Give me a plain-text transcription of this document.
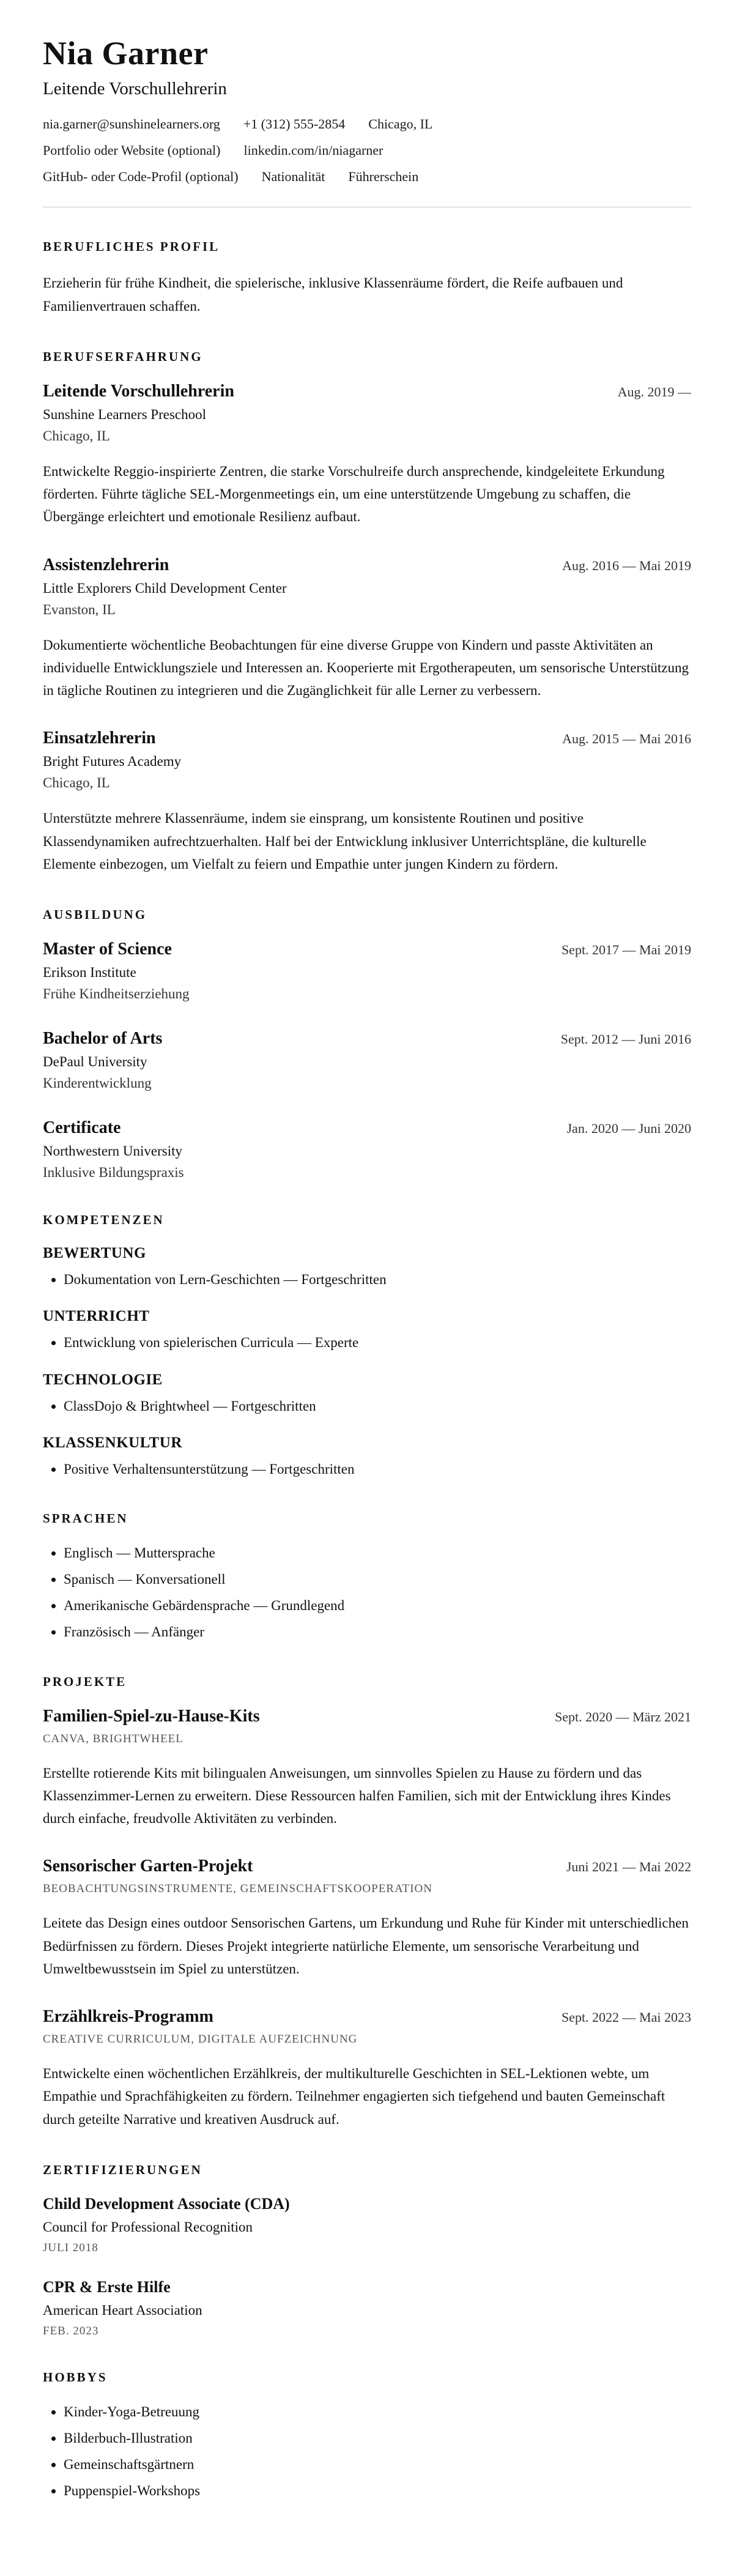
Nia Garner
Leitende Vorschullehrerin
nia.garner@sunshinelearners.org +1 (312) 555-2854 Chicago, IL
Portfolio oder Website (optional) linkedin.com/in/niagarner
GitHub- oder Code-Profil (optional) Nationalität Führerschein
BERUFLICHES PROFIL

Erzieherin für frühe Kindheit, die spielerische, inklusive Klassenräume fördert, die Reife aufbauen und Familienvertrauen schaffen.

BERUFSERFAHRUNG
Leitende Vorschullehrerin	Aug. 2019 —
Sunshine Learners Preschool
Chicago, IL

Entwickelte Reggio-inspirierte Zentren, die starke Vorschulreife durch ansprechende, kindgeleitete Erkundung förderten. Führte tägliche SEL-Morgenmeetings ein, um eine unterstützende Umgebung zu schaffen, die Übergänge erleichtert und emotionale Resilienz aufbaut.

Assistenzlehrerin	Aug. 2016 — Mai 2019
Little Explorers Child Development Center
Evanston, IL

Dokumentierte wöchentliche Beobachtungen für eine diverse Gruppe von Kindern und passte Aktivitäten an individuelle Entwicklungsziele und Interessen an. Kooperierte mit Ergotherapeuten, um sensorische Unterstützung in tägliche Routinen zu integrieren und die Zugänglichkeit für alle Lerner zu verbessern.

Einsatzlehrerin	Aug. 2015 — Mai 2016
Bright Futures Academy
Chicago, IL

Unterstützte mehrere Klassenräume, indem sie einsprang, um konsistente Routinen und positive Klassendynamiken aufrechtzuerhalten. Half bei der Entwicklung inklusiver Unterrichtspläne, die kulturelle Elemente einbezogen, um Vielfalt zu feiern und Empathie unter jungen Kindern zu fördern.

AUSBILDUNG
Master of Science	Sept. 2017 — Mai 2019
Erikson Institute
Frühe Kindheitserziehung
Bachelor of Arts	Sept. 2012 — Juni 2016
DePaul University
Kinderentwicklung
Certificate	Jan. 2020 — Juni 2020
Northwestern University
Inklusive Bildungspraxis
KOMPETENZEN
BEWERTUNG
• Dokumentation von Lern-Geschichten — Fortgeschritten
UNTERRICHT
• Entwicklung von spielerischen Curricula — Experte
TECHNOLOGIE
• ClassDojo & Brightwheel — Fortgeschritten
KLASSENKULTUR
• Positive Verhaltensunterstützung — Fortgeschritten
SPRACHEN
• Englisch — Muttersprache
• Spanisch — Konversationell
• Amerikanische Gebärdensprache — Grundlegend
• Französisch — Anfänger
PROJEKTE
Familien-Spiel-zu-Hause-Kits	Sept. 2020 — März 2021
CANVA, BRIGHTWHEEL

Erstellte rotierende Kits mit bilingualen Anweisungen, um sinnvolles Spielen zu Hause zu fördern und das Klassenzimmer-Lernen zu erweitern. Diese Ressourcen halfen Familien, sich mit der Entwicklung ihres Kindes durch einfache, freudvolle Aktivitäten zu verbinden.

Sensorischer Garten-Projekt	Juni 2021 — Mai 2022
BEOBACHTUNGSINSTRUMENTE, GEMEINSCHAFTSKOOPERATION

Leitete das Design eines outdoor Sensorischen Gartens, um Erkundung und Ruhe für Kinder mit unterschiedlichen Bedürfnissen zu fördern. Dieses Projekt integrierte natürliche Elemente, um sensorische Verarbeitung und Umweltbewusstsein im Spiel zu unterstützen.

Erzählkreis-Programm	Sept. 2022 — Mai 2023
CREATIVE CURRICULUM, DIGITALE AUFZEICHNUNG

Entwickelte einen wöchentlichen Erzählkreis, der multikulturelle Geschichten in SEL-Lektionen webte, um Empathie und Sprachfähigkeiten zu fördern. Teilnehmer engagierten sich tiefgehend und bauten Gemeinschaft durch geteilte Narrative und kreativen Ausdruck auf.

ZERTIFIZIERUNGEN
Child Development Associate (CDA)
Council for Professional Recognition
JULI 2018
CPR & Erste Hilfe
American Heart Association
FEB. 2023
HOBBYS
• Kinder-Yoga-Betreuung
• Bilderbuch-Illustration
• Gemeinschaftsgärtnern
• Puppenspiel-Workshops
